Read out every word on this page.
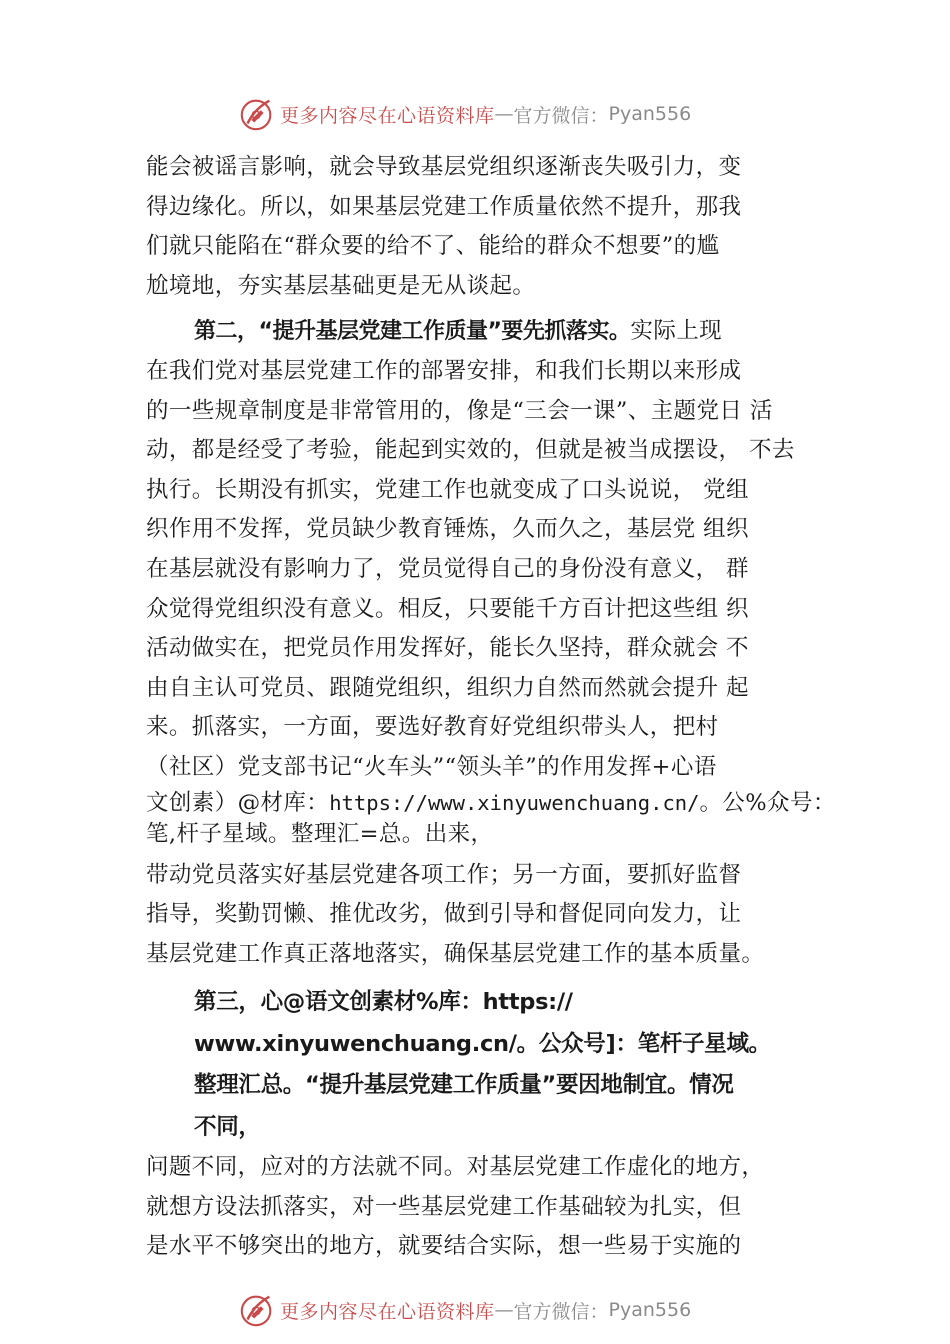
更多内容尽在心语资料库 — 官方微信： Pyan556

能会被谣言影响，就会导致基层党组织逐渐丧失吸引力，变
得边缘化。所以，如果基层党建工作质量依然不提升，那我
们就只能陷在“群众要的给不了、能给的群众不想要”的尴
尬境地，夯实基层基础更是无从谈起。

第二，“提升基层党建工作质量”要先抓落实。实际上现
在我们党对基层党建工作的部署安排，和我们长期以来形成
的一些规章制度是非常管用的，像是“三会一课”、主题党日 活
动，都是经受了考验，能起到实效的，但就是被当成摆设， 不去
执行。长期没有抓实，党建工作也就变成了口头说说， 党组
织作用不发挥，党员缺少教育锤炼，久而久之，基层党 组织
在基层就没有影响力了，党员觉得自己的身份没有意义， 群
众觉得党组织没有意义。相反，只要能千方百计把这些组 织
活动做实在，把党员作用发挥好，能长久坚持，群众就会 不
由自主认可党员、跟随党组织，组织力自然而然就会提升 起
来。抓落实，一方面，要选好教育好党组织带头人，把村
（社区）党支部书记“火车头”“领头羊”的作用发挥+心语
文创素）@材库：https://www.xinyuwenchuang.cn/。公%众号：
笔,杆子星域。整理汇=总。出来，

带动党员落实好基层党建各项工作；另一方面，要抓好监督
指导，奖勤罚懒、推优改劣，做到引导和督促同向发力，让
基层党建工作真正落地落实，确保基层党建工作的基本质量。

第三，心@语文创素材%库：https://
www.xinyuwenchuang.cn/。公众号]：笔杆子星域。
整理汇总。“提升基层党建工作质量”要因地制宜。情况
不同，

问题不同，应对的方法就不同。对基层党建工作虚化的地方，
就想方设法抓落实，对一些基层党建工作基础较为扎实，但
是水平不够突出的地方，就要结合实际，想一些易于实施的

更多内容尽在心语资料库 — 官方微信： Pyan556
